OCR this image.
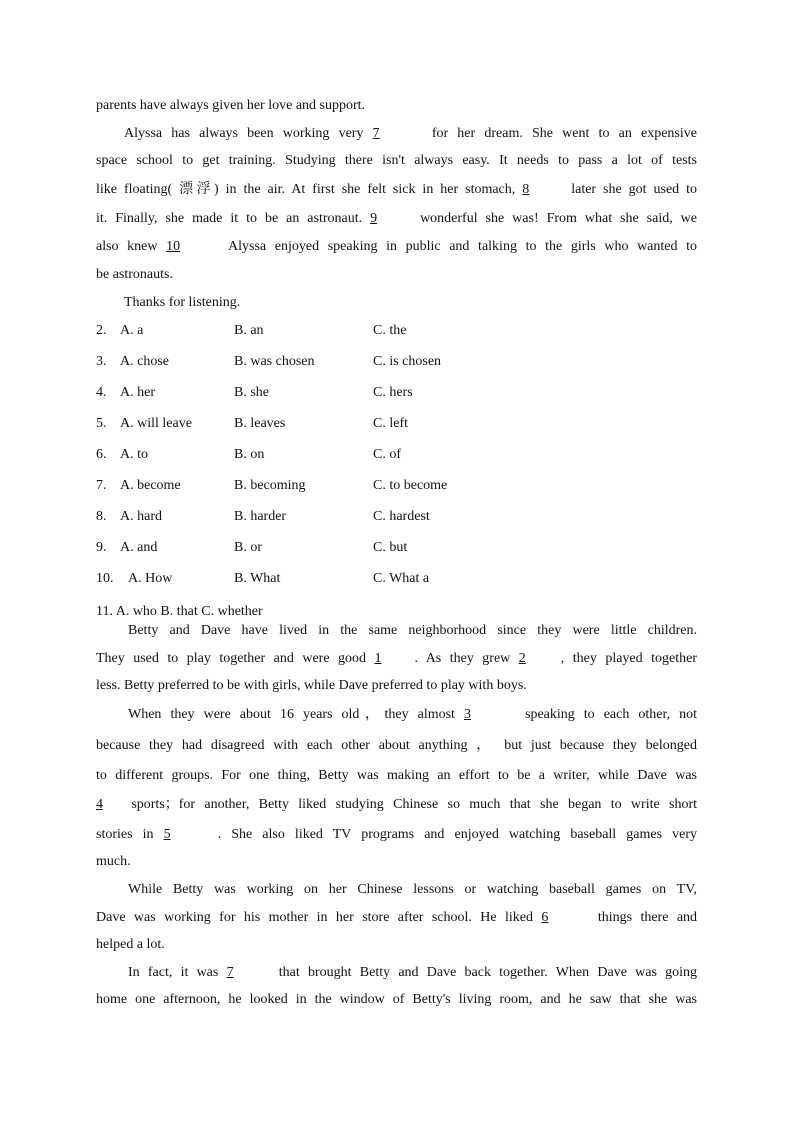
parents have always given her love and support.
Alyssa has always been working very 7	for her dream. She went to an expensive
space school to get training. Studying there isn't always easy. It needs to pass a lot of tests
like floating( 漂浮) in the air. At first she felt sick in her stomach, 8	later she got used to
it. Finally, she made it to be an astronaut. 9	wonderful she was! From what she said, we
also knew 10	Alyssa enjoyed speaking in public and talking to the girls who wanted to
be astronauts.
Thanks for listening.
2. A. a	B. an	C. the
3. A. chose	B. was chosen	C. is chosen
4. A. her	B. she	C. hers
5. A. will leave	B. leaves	C. left
6. A. to	B. on	C. of
7. A. become	B. becoming	C. to become
8. A. hard	B. harder	C. hardest
9. A. and	B. or	C. but
10. A. How	B. What	C. What a
11. A. who B. that C. whether
Betty and Dave have lived in the same neighborhood since they were little children.
They used to play together and were good 1 . As they grew 2	, they played together
less. Betty preferred to be with girls, while Dave preferred to play with boys.
When they were about 16 years old，they almost 3	speaking to each other, not
because they had disagreed with each other about anything ， but just because they belonged
to different groups. For one thing, Betty was making an effort to be a writer, while Dave was
4 sports；for another, Betty liked studying Chinese so much that she began to write short
stories in 5	. She also liked TV programs and enjoyed watching baseball games very
much.
While Betty was working on her Chinese lessons or watching baseball games on TV,
Dave was working for his mother in her store after school. He liked 6	things there and
helped a lot.
In fact, it was 7	that brought Betty and Dave back together. When Dave was going
home one afternoon, he looked in the window of Betty's living room, and he saw that she was
